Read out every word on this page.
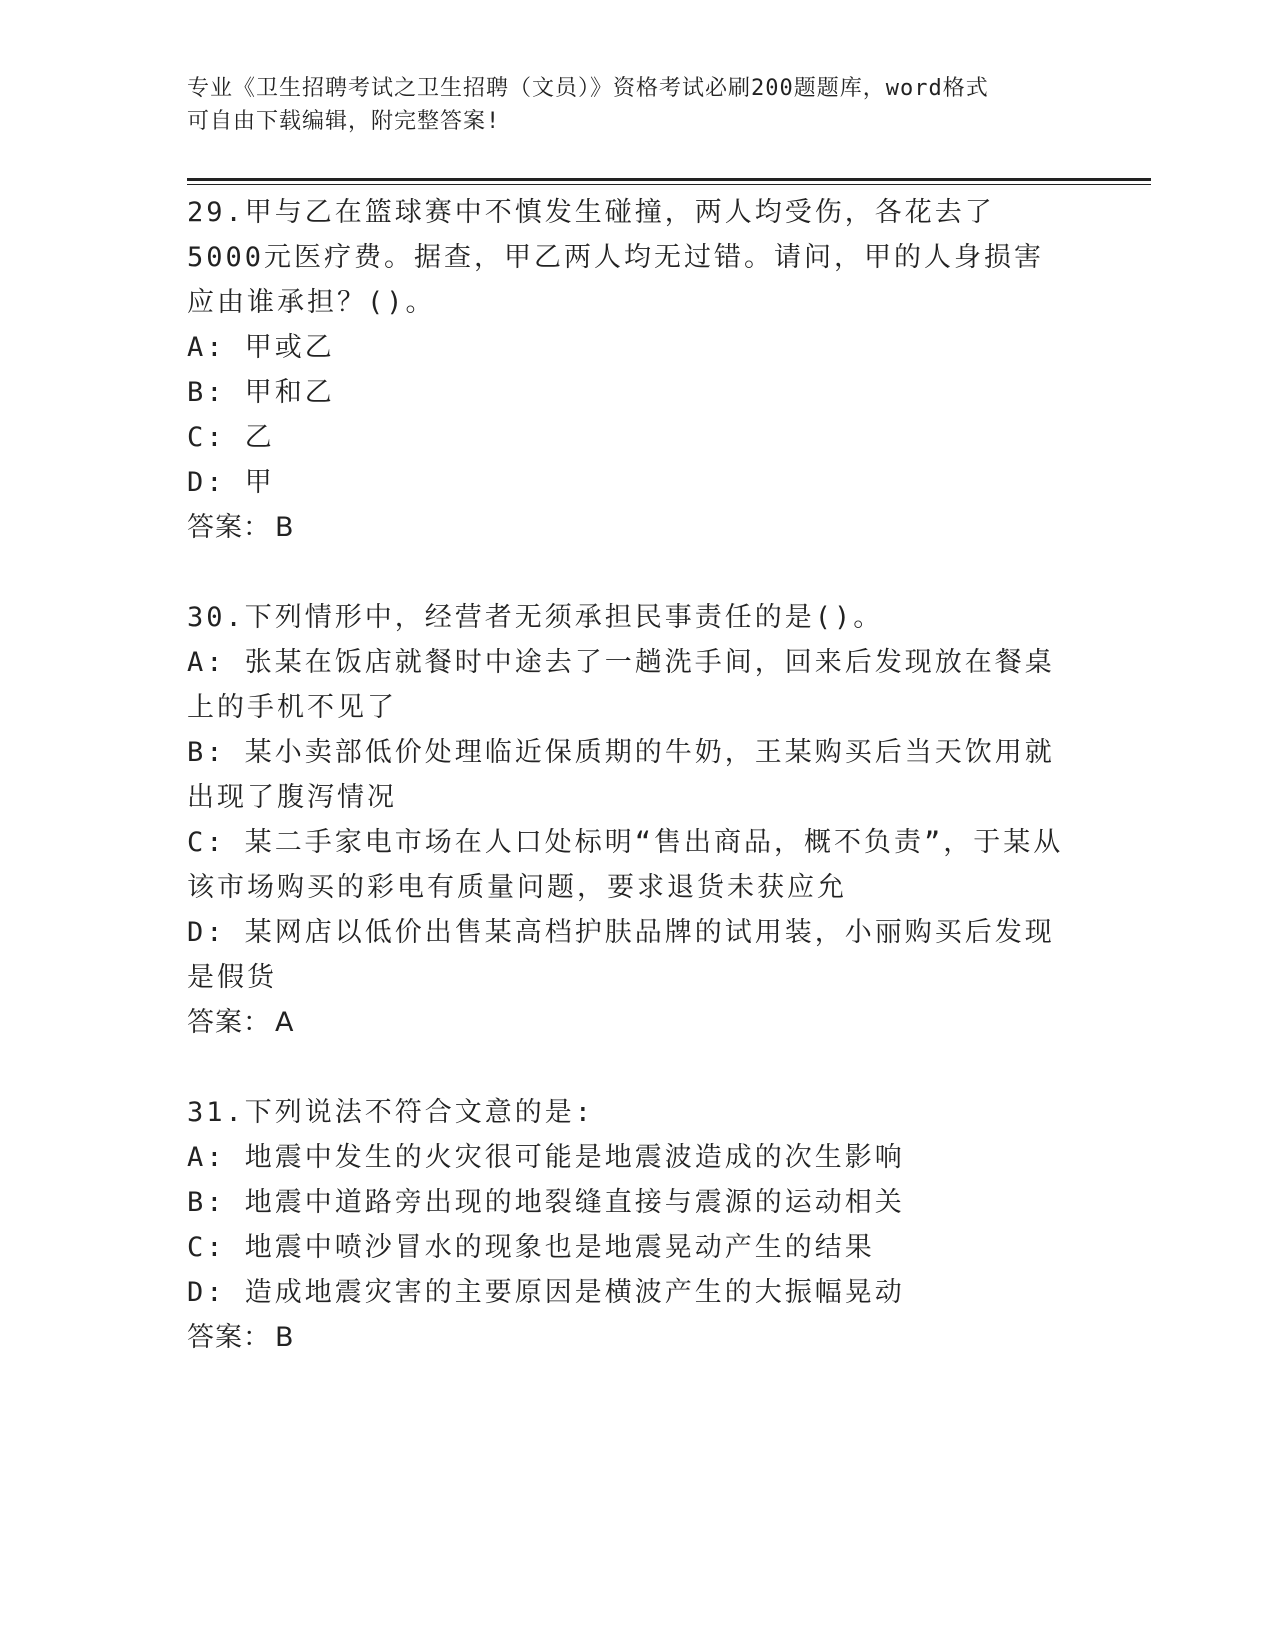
专业《卫生招聘考试之卫生招聘（文员）》资格考试必刷200题题库，word格式
可自由下载编辑，附完整答案!

29.甲与乙在篮球赛中不慎发生碰撞，两人均受伤，各花去了5000元医疗费。据查，甲乙两人均无过错。请问，甲的人身损害应由谁承担？()。

A: 甲或乙

B: 甲和乙

C: 乙

D: 甲

答案： B

30.下列情形中，经营者无须承担民事责任的是()。

A: 张某在饭店就餐时中途去了一趟洗手间，回来后发现放在餐桌上的手机不见了

B: 某小卖部低价处理临近保质期的牛奶，王某购买后当天饮用就出现了腹泻情况

C: 某二手家电市场在人口处标明“售出商品，概不负责”，于某从该市场购买的彩电有质量问题，要求退货未获应允

D: 某网店以低价出售某高档护肤品牌的试用装，小丽购买后发现是假货

答案： A

31.下列说法不符合文意的是:

A: 地震中发生的火灾很可能是地震波造成的次生影响

B: 地震中道路旁出现的地裂缝直接与震源的运动相关

C: 地震中喷沙冒水的现象也是地震晃动产生的结果

D: 造成地震灾害的主要原因是横波产生的大振幅晃动

答案： B
